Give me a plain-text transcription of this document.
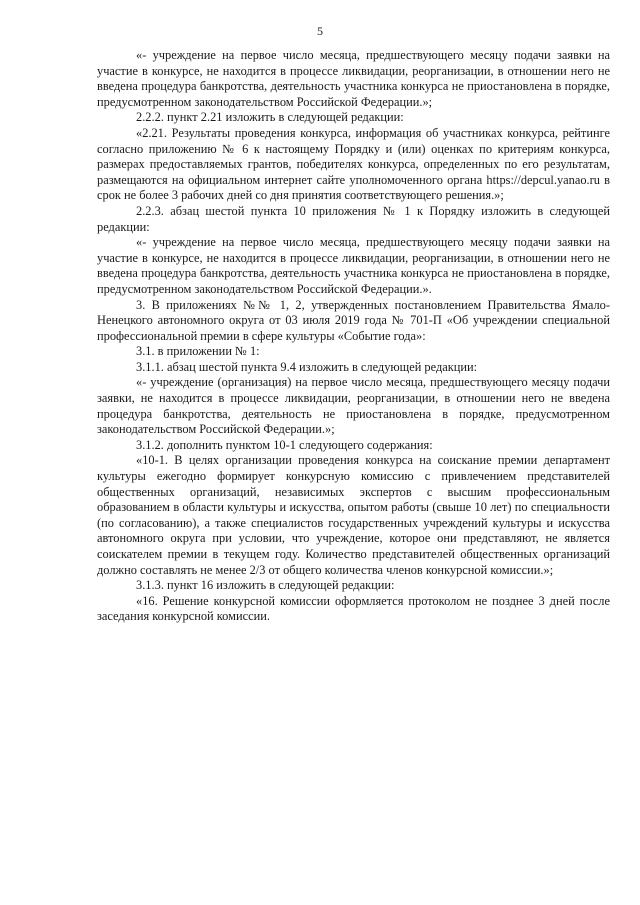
5

«- учреждение на первое число месяца, предшествующего месяцу подачи заявки на участие в конкурсе, не находится в процессе ликвидации, реорганизации, в отношении него не введена процедура банкротства, деятельность участника конкурса не приостановлена в порядке, предусмотренном законодательством Российской Федерации.»;

2.2.2. пункт 2.21 изложить в следующей редакции:

«2.21. Результаты проведения конкурса, информация об участниках конкурса, рейтинге согласно приложению № 6 к настоящему Порядку и (или) оценках по критериям конкурса, размерах предоставляемых грантов, победителях конкурса, определенных по его результатам, размещаются на официальном интернет сайте уполномоченного органа https://depcul.yanao.ru в срок не более 3 рабочих дней со дня принятия соответствующего решения.»;

2.2.3. абзац шестой пункта 10 приложения № 1 к Порядку изложить в следующей редакции:

«- учреждение на первое число месяца, предшествующего месяцу подачи заявки на участие в конкурсе, не находится в процессе ликвидации, реорганизации, в отношении него не введена процедура банкротства, деятельность участника конкурса не приостановлена в порядке, предусмотренном законодательством Российской Федерации.».

3. В приложениях №№ 1, 2, утвержденных постановлением Правительства Ямало-Ненецкого автономного округа от 03 июля 2019 года № 701-П «Об учреждении специальной профессиональной премии в сфере культуры «Событие года»:

3.1. в приложении № 1:

3.1.1. абзац шестой пункта 9.4 изложить в следующей редакции:

«- учреждение (организация) на первое число месяца, предшествующего месяцу подачи заявки, не находится в процессе ликвидации, реорганизации, в отношении него не введена процедура банкротства, деятельность не приостановлена в порядке, предусмотренном законодательством Российской Федерации.»;

3.1.2. дополнить пунктом 10-1 следующего содержания:

«10-1. В целях организации проведения конкурса на соискание премии департамент культуры ежегодно формирует конкурсную комиссию с привлечением представителей общественных организаций, независимых экспертов с высшим профессиональным образованием в области культуры и искусства, опытом работы (свыше 10 лет) по специальности (по согласованию), а также специалистов государственных учреждений культуры и искусства автономного округа при условии, что учреждение, которое они представляют, не является соискателем премии в текущем году. Количество представителей общественных организаций должно составлять не менее 2/3 от общего количества членов конкурсной комиссии.»;

3.1.3. пункт 16 изложить в следующей редакции:

«16. Решение конкурсной комиссии оформляется протоколом не позднее 3 дней после заседания конкурсной комиссии.
